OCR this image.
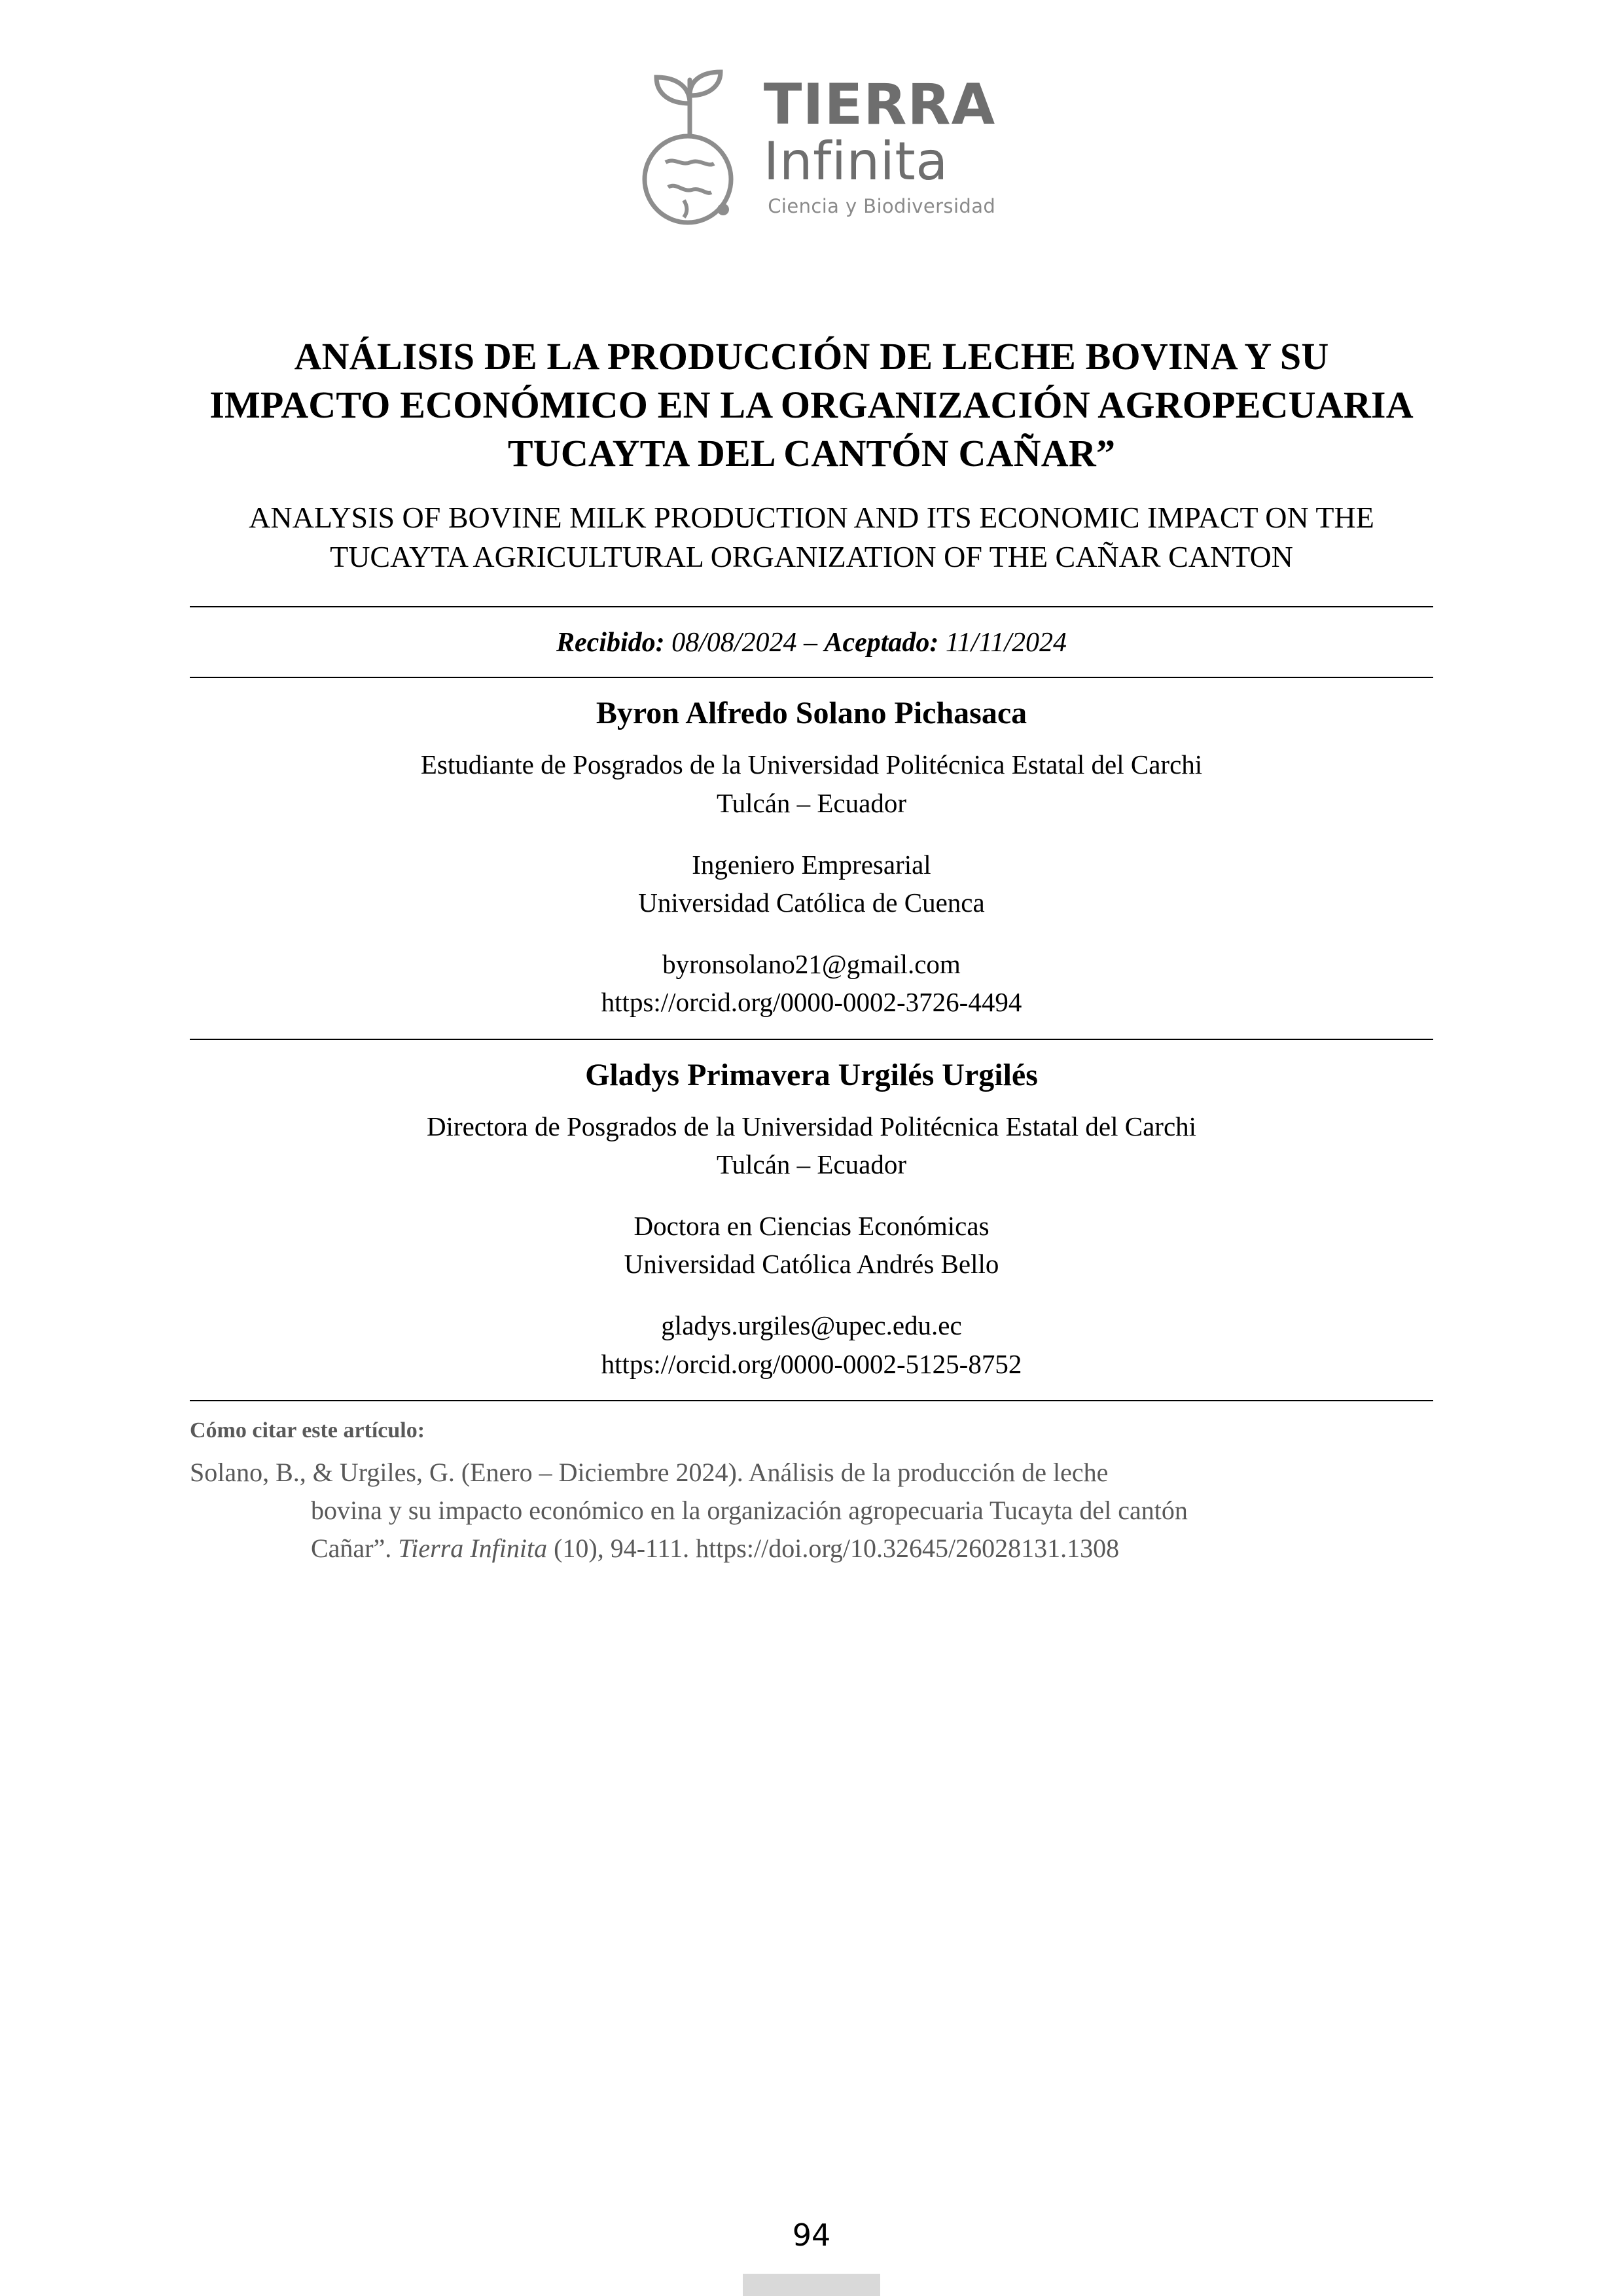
TIERRA
Infinita
Ciencia y Biodiversidad
ANÁLISIS DE LA PRODUCCIÓN DE LECHE BOVINA Y SU IMPACTO ECONÓMICO EN LA ORGANIZACIÓN AGROPECUARIA TUCAYTA DEL CANTÓN CAÑAR”
ANALYSIS OF BOVINE MILK PRODUCTION AND ITS ECONOMIC IMPACT ON THE TUCAYTA AGRICULTURAL ORGANIZATION OF THE CAÑAR CANTON
Recibido: 08/08/2024 – Aceptado: 11/11/2024
Byron Alfredo Solano Pichasaca
Estudiante de Posgrados de la Universidad Politécnica Estatal del Carchi
Tulcán – Ecuador
Ingeniero Empresarial
Universidad Católica de Cuenca
byronsolano21@gmail.com
https://orcid.org/0000-0002-3726-4494
Gladys Primavera Urgilés Urgilés
Directora de Posgrados de la Universidad Politécnica Estatal del Carchi
Tulcán – Ecuador
Doctora en Ciencias Económicas
Universidad Católica Andrés Bello
gladys.urgiles@upec.edu.ec
https://orcid.org/0000-0002-5125-8752
Cómo citar este artículo:
Solano, B., & Urgiles, G. (Enero – Diciembre 2024). Análisis de la producción de leche
bovina y su impacto económico en la organización agropecuaria Tucayta del cantón
Cañar”. Tierra Infinita (10), 94-111. https://doi.org/10.32645/26028131.1308
94
